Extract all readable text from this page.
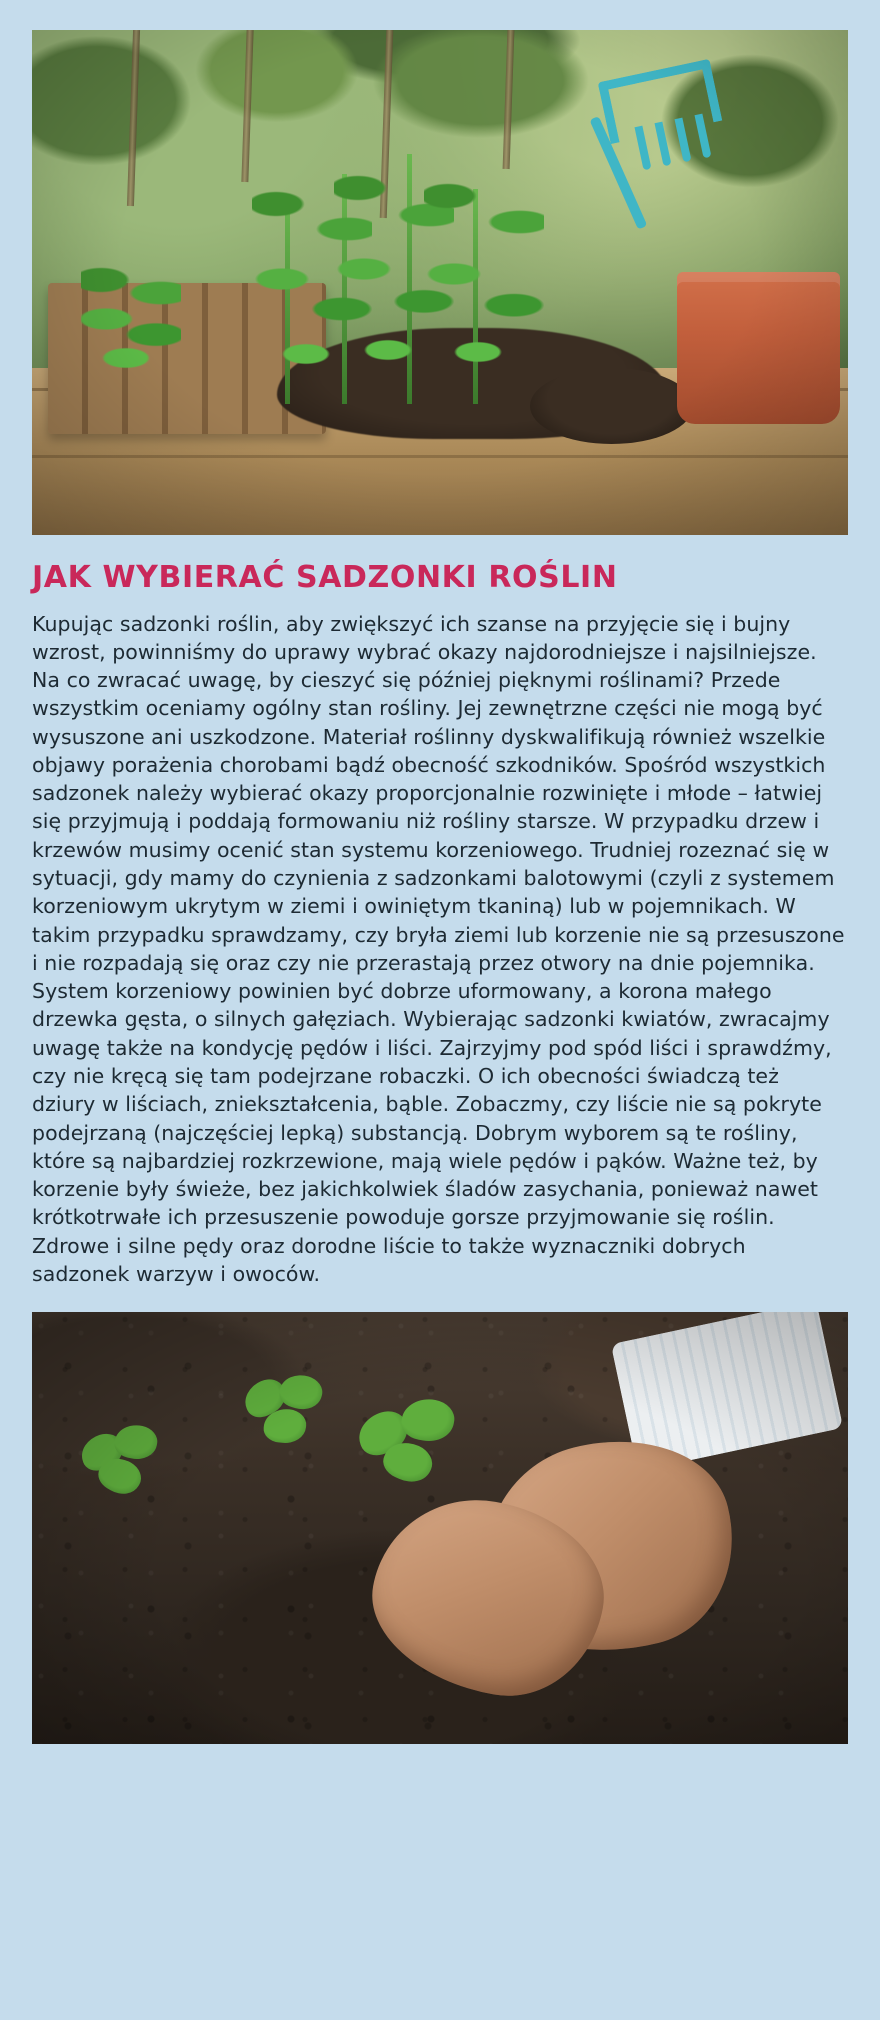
JAK WYBIERAĆ SADZONKI ROŚLIN
Kupując sadzonki roślin, aby zwiększyć ich szanse na przyjęcie się i bujny wzrost, powinniśmy do uprawy wybrać okazy najdorodniejsze i najsilniejsze. Na co zwracać uwagę, by cieszyć się później pięknymi roślinami? Przede wszystkim oceniamy ogólny stan rośliny. Jej zewnętrzne części nie mogą być wysuszone ani uszkodzone. Materiał roślinny dyskwalifikują również wszelkie objawy porażenia chorobami bądź obecność szkodników. Spośród wszystkich sadzonek należy wybierać okazy proporcjonalnie rozwinięte i młode – łatwiej się przyjmują i poddają formowaniu niż rośliny starsze. W przypadku drzew i krzewów musimy ocenić stan systemu korzeniowego. Trudniej rozeznać się w sytuacji, gdy mamy do czynienia z sadzonkami balotowymi (czyli z systemem korzeniowym ukrytym w ziemi i owiniętym tkaniną) lub w pojemnikach. W takim przypadku sprawdzamy, czy bryła ziemi lub korzenie nie są przesuszone i nie rozpadają się oraz czy nie przerastają przez otwory na dnie pojemnika. System korzeniowy powinien być dobrze uformowany, a korona małego drzewka gęsta, o silnych gałęziach. Wybierając sadzonki kwiatów, zwracajmy uwagę także na kondycję pędów i liści. Zajrzyjmy pod spód liści i sprawdźmy, czy nie kręcą się tam podejrzane robaczki. O ich obecności świadczą też dziury w liściach, zniekształcenia, bąble. Zobaczmy, czy liście nie są pokryte podejrzaną (najczęściej lepką) substancją. Dobrym wyborem są te rośliny, które są najbardziej rozkrzewione, mają wiele pędów i pąków. Ważne też, by korzenie były świeże, bez jakichkolwiek śladów zasychania, ponieważ nawet krótkotrwałe ich przesuszenie powoduje gorsze przyjmowanie się roślin. Zdrowe i silne pędy oraz dorodne liście to także wyznaczniki dobrych sadzonek warzyw i owoców.
